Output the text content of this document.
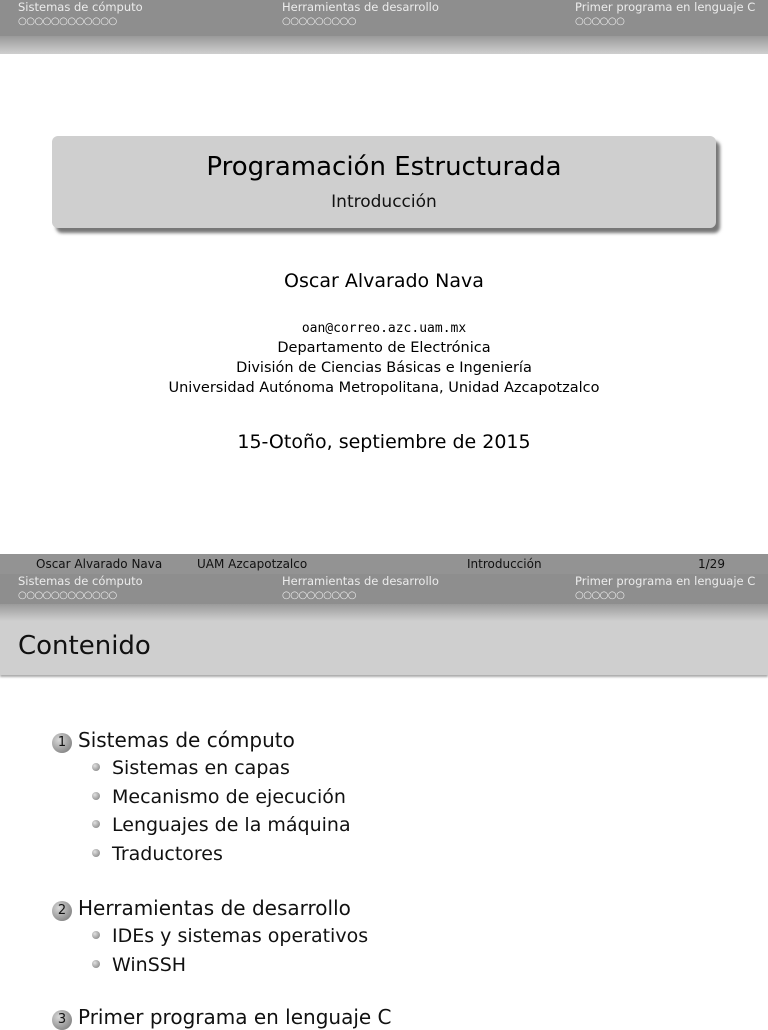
Sistemas de cómputo
○○○○○○○○○○○○
Herramientas de desarrollo
○○○○○○○○○
Primer programa en lenguaje C
○○○○○○
Programación Estructurada
Introducción
Oscar Alvarado Nava
oan@correo.azc.uam.mx
Departamento de Electrónica
División de Ciencias Básicas e Ingeniería
Universidad Autónoma Metropolitana, Unidad Azcapotzalco
15-Otoño, septiembre de 2015
Oscar Alvarado Nava	UAM Azcapotzalco	Introducción	1/29
Sistemas de cómputo
○○○○○○○○○○○○
Herramientas de desarrollo
○○○○○○○○○
Primer programa en lenguaje C
○○○○○○
Contenido
1 Sistemas de cómputo
Sistemas en capas
Mecanismo de ejecución
Lenguajes de la máquina
Traductores
2 Herramientas de desarrollo
IDEs y sistemas operativos
WinSSH
3 Primer programa en lenguaje C
